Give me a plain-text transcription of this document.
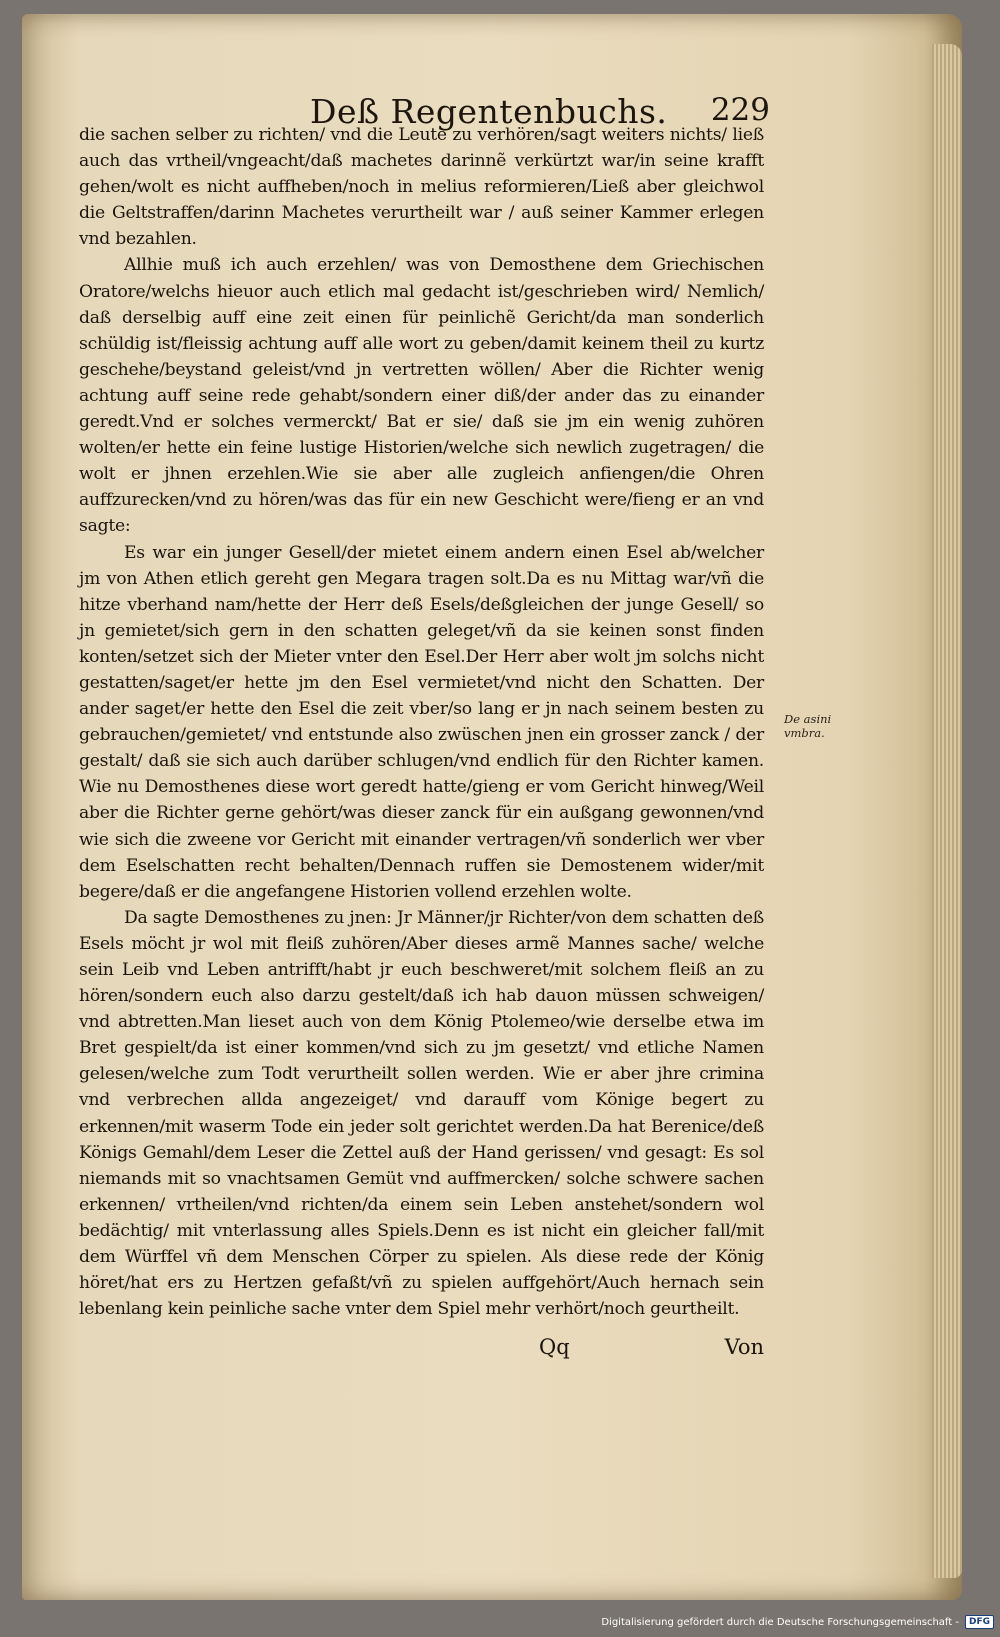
Deß Regentenbuchs. 229

die sachen selber zu richten/ vnd die Leute zu verhören/sagt weiters nichts/ ließ auch das vrtheil/vngeacht/daß machetes darinnẽ verkürtzt war/in seine krafft gehen/wolt es nicht auffheben/noch in melius reformieren/Ließ aber gleichwol die Geltstraffen/darinn Machetes verurtheilt war / auß seiner Kammer erlegen vnd bezahlen.

Allhie muß ich auch erzehlen/ was von Demosthene dem Griechischen Oratore/welchs hieuor auch etlich mal gedacht ist/geschrieben wird/ Nemlich/ daß derselbig auff eine zeit einen für peinlichẽ Gericht/da man sonderlich schüldig ist/fleissig achtung auff alle wort zu geben/damit keinem theil zu kurtz geschehe/beystand geleist/vnd jn vertretten wöllen/ Aber die Richter wenig achtung auff seine rede gehabt/sondern einer diß/der ander das zu einander geredt.Vnd er solches vermerckt/ Bat er sie/ daß sie jm ein wenig zuhören wolten/er hette ein feine lustige Historien/welche sich newlich zugetragen/ die wolt er jhnen erzehlen.Wie sie aber alle zugleich anfiengen/die Ohren auffzurecken/vnd zu hören/was das für ein new Geschicht were/fieng er an vnd sagte:

Es war ein junger Gesell/der mietet einem andern einen Esel ab/welcher jm von Athen etlich gereht gen Megara tragen solt.Da es nu Mittag war/vñ die hitze vberhand nam/hette der Herr deß Esels/deßgleichen der junge Gesell/ so jn gemietet/sich gern in den schatten geleget/vñ da sie keinen sonst finden konten/setzet sich der Mieter vnter den Esel.Der Herr aber wolt jm solchs nicht gestatten/saget/er hette jm den Esel vermietet/vnd nicht den Schatten. Der ander saget/er hette den Esel die zeit vber/so lang er jn nach seinem besten zu gebrauchen/gemietet/ vnd entstunde also zwüschen jnen ein grosser zanck / der gestalt/ daß sie sich auch darüber schlugen/vnd endlich für den Richter kamen. Wie nu Demosthenes diese wort geredt hatte/gieng er vom Gericht hinweg/Weil aber die Richter gerne gehört/was dieser zanck für ein außgang gewonnen/vnd wie sich die zweene vor Gericht mit einander vertragen/vñ sonderlich wer vber dem Eselschatten recht behalten/Dennach ruffen sie Demostenem wider/mit begere/daß er die angefangene Historien vollend erzehlen wolte.

Da sagte Demosthenes zu jnen: Jr Männer/jr Richter/von dem schatten deß Esels möcht jr wol mit fleiß zuhören/Aber dieses armẽ Mannes sache/ welche sein Leib vnd Leben antrifft/habt jr euch beschweret/mit solchem fleiß an zu hören/sondern euch also darzu gestelt/daß ich hab dauon müssen schweigen/ vnd abtretten.Man lieset auch von dem König Ptolemeo/wie derselbe etwa im Bret gespielt/da ist einer kommen/vnd sich zu jm gesetzt/ vnd etliche Namen gelesen/welche zum Todt verurtheilt sollen werden. Wie er aber jhre crimina vnd verbrechen allda angezeiget/ vnd darauff vom Könige begert zu erkennen/mit waserm Tode ein jeder solt gerichtet werden.Da hat Berenice/deß Königs Gemahl/dem Leser die Zettel auß der Hand gerissen/ vnd gesagt: Es sol niemands mit so vnachtsamen Gemüt vnd auffmercken/ solche schwere sachen erkennen/ vrtheilen/vnd richten/da einem sein Leben anstehet/sondern wol bedächtig/ mit vnterlassung alles Spiels.Denn es ist nicht ein gleicher fall/mit dem Würffel vñ dem Menschen Cörper zu spielen. Als diese rede der König höret/hat ers zu Hertzen gefaßt/vñ zu spielen auffgehört/Auch hernach sein lebenlang kein peinliche sache vnter dem Spiel mehr verhört/noch geurtheilt.

De asini vmbra.
Qq	Von
Digitalisierung gefördert durch die Deutsche Forschungsgemeinschaft -	DFG
